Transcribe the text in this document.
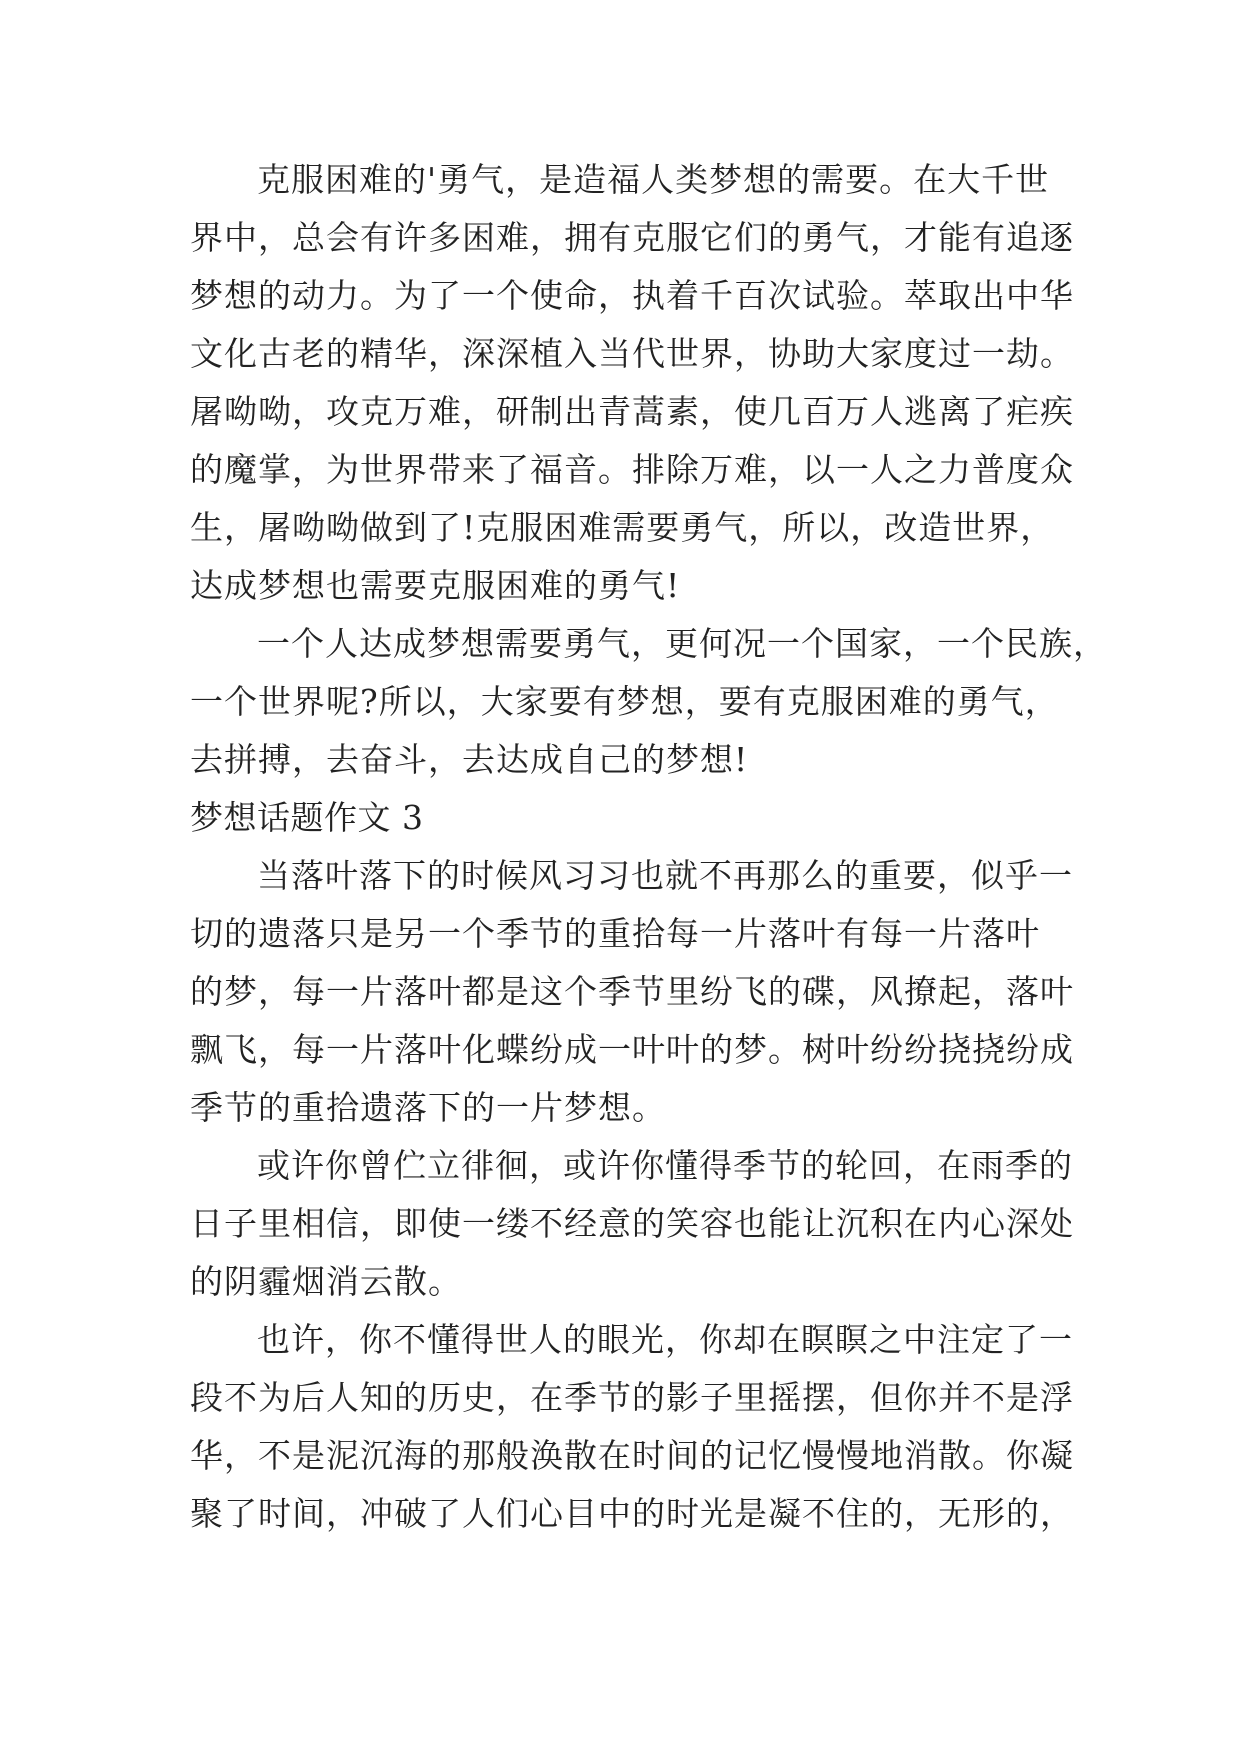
克服困难的'勇气，是造福人类梦想的需要。在大千世
界中，总会有许多困难，拥有克服它们的勇气，才能有追逐
梦想的动力。为了一个使命，执着千百次试验。萃取出中华
文化古老的精华，深深植入当代世界，协助大家度过一劫。
屠呦呦，攻克万难，研制出青蒿素，使几百万人逃离了疟疾
的魔掌，为世界带来了福音。排除万难，以一人之力普度众
生，屠呦呦做到了!克服困难需要勇气，所以，改造世界，
达成梦想也需要克服困难的勇气!
一个人达成梦想需要勇气，更何况一个国家，一个民族，
一个世界呢?所以，大家要有梦想，要有克服困难的勇气，
去拼搏，去奋斗，去达成自己的梦想!
梦想话题作文 3
当落叶落下的时候风习习也就不再那么的重要，似乎一
切的遗落只是另一个季节的重拾每一片落叶有每一片落叶
的梦，每一片落叶都是这个季节里纷飞的碟，风撩起，落叶
飘飞，每一片落叶化蝶纷成一叶叶的梦。树叶纷纷挠挠纷成
季节的重拾遗落下的一片梦想。
或许你曾伫立徘徊，或许你懂得季节的轮回，在雨季的
日子里相信，即使一缕不经意的笑容也能让沉积在内心深处
的阴霾烟消云散。
也许，你不懂得世人的眼光，你却在瞑瞑之中注定了一
段不为后人知的历史，在季节的影子里摇摆，但你并不是浮
华，不是泥沉海的那般涣散在时间的记忆慢慢地消散。你凝
聚了时间，冲破了人们心目中的时光是凝不住的，无形的，
